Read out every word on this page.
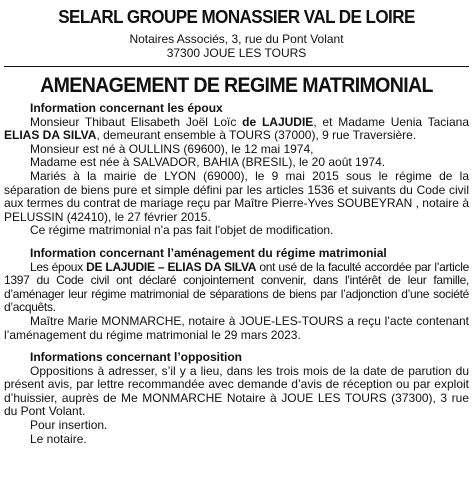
SELARL GROUPE MONASSIER VAL DE LOIRE
Notaires Associés, 3, rue du Pont Volant
37300 JOUE LES TOURS
AMENAGEMENT DE REGIME MATRIMONIAL
Information concernant les époux

Monsieur Thibaut Elisabeth Joël Loïc de LAJUDIE, et Madame Uenia Taciana ELIAS DA SILVA, demeurant ensemble à TOURS (37000), 9 rue Traversière.

Monsieur est né à OULLINS (69600), le 12 mai 1974,

Madame est née à SALVADOR, BAHIA (BRESIL), le 20 août 1974.

Mariés à la mairie de LYON (69000), le 9 mai 2015 sous le régime de la séparation de biens pure et simple défini par les articles 1536 et suivants du Code civil aux termes du contrat de mariage reçu par Maître Pierre-Yves SOUBEYRAN , notaire à PELUSSIN (42410), le 27 février 2015.

Ce régime matrimonial n'a pas fait l'objet de modification.

Information concernant l’aménagement du régime matrimonial

Les époux DE LAJUDIE – ELIAS DA SILVA ont usé de la faculté accordée par l’article 1397 du Code civil ont déclaré conjointement convenir, dans l’intérêt de leur famille, d’aménager leur régime matrimonial de séparations de biens par l’adjonction d’une société d’acquêts.

Maître Marie MONMARCHE, notaire à JOUE-LES-TOURS a reçu l’acte contenant l’aménagement du régime matrimonial le 29 mars 2023.

Informations concernant l’opposition

Oppositions à adresser, s’il y a lieu, dans les trois mois de la date de parution du présent avis, par lettre recommandée avec demande d’avis de réception ou par exploit d’huissier, auprès de Me MONMARCHE Notaire à JOUE LES TOURS (37300), 3 rue du Pont Volant.

Pour insertion.

Le notaire.
